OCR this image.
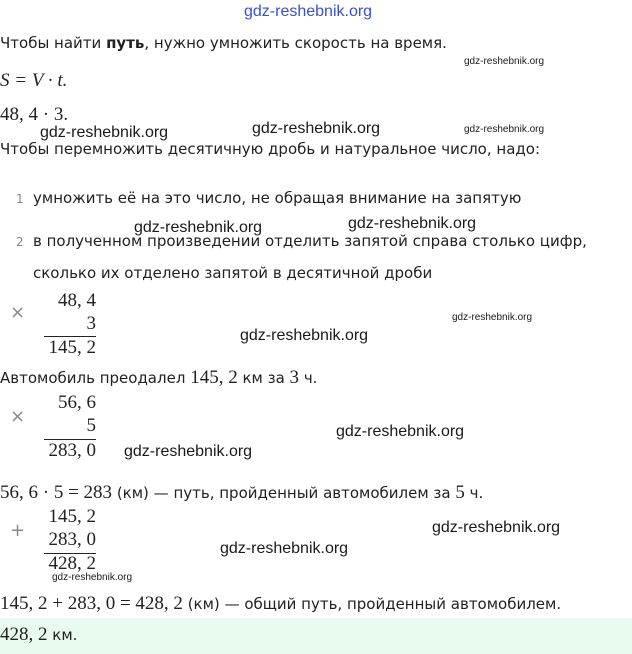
gdz-reshebnik.org
Чтобы найти путь, нужно умножить скорость на время.
gdz-reshebnik.org
S = V · t.
48, 4 · 3.
gdz-reshebnik.org	gdz-reshebnik.org	gdz-reshebnik.org
Чтобы перемножить десятичную дробь и натуральное число, надо:
1 умножить её на это число, не обращая внимание на запятую
gdz-reshebnik.org	gdz-reshebnik.org
2 в полученном произведении отделить запятой справа столько цифр,
сколько их отделено запятой в десятичной дроби
×
48, 4
3
145, 2
gdz-reshebnik.org
gdz-reshebnik.org
Автомобиль преодалел 145, 2 км за 3 ч.
×
56, 6
5
283, 0 gdz-reshebnik.org
gdz-reshebnik.org
56, 6 · 5 = 283 (км) — путь, пройденный автомобилем за 5 ч.
+
145, 2
283, 0
428, 2
gdz-reshebnik.org
gdz-reshebnik.org
gdz-reshebnik.org
145, 2 + 283, 0 = 428, 2 (км) — общий путь, пройденный автомобилем.
428, 2 км.
